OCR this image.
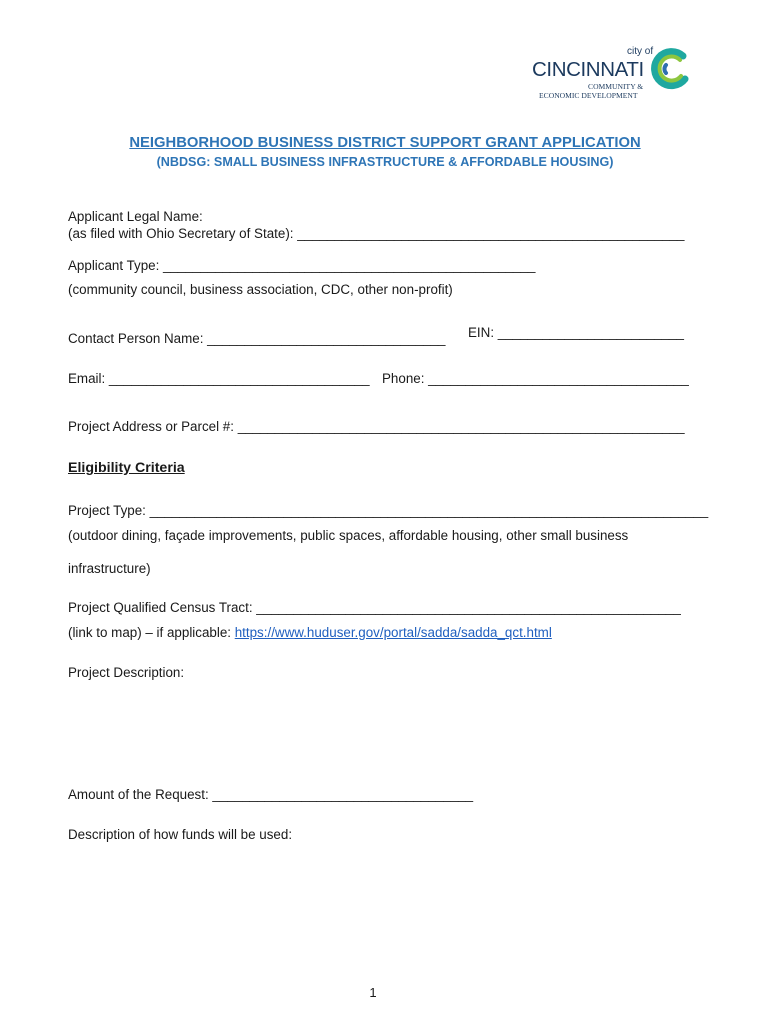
city of
CINCINNATI
COMMUNITY &
ECONOMIC DEVELOPMENT
NEIGHBORHOOD BUSINESS DISTRICT SUPPORT GRANT APPLICATION
(NBDSG: SMALL BUSINESS INFRASTRUCTURE & AFFORDABLE HOUSING)
Applicant Legal Name:
(as filed with Ohio Secretary of State): ____________________________________________________
Applicant Type: __________________________________________________
(community council, business association, CDC, other non-profit)
Contact Person Name: ________________________________ EIN: _________________________
Email: ___________________________________ Phone: ___________________________________
Project Address or Parcel #: ____________________________________________________________
Eligibility Criteria
Project Type: ___________________________________________________________________________
(outdoor dining, façade improvements, public spaces, affordable housing, other small business
infrastructure)
Project Qualified Census Tract: _________________________________________________________
(link to map) – if applicable: https://www.huduser.gov/portal/sadda/sadda_qct.html
Project Description:
Amount of the Request: ___________________________________
Description of how funds will be used:
1
